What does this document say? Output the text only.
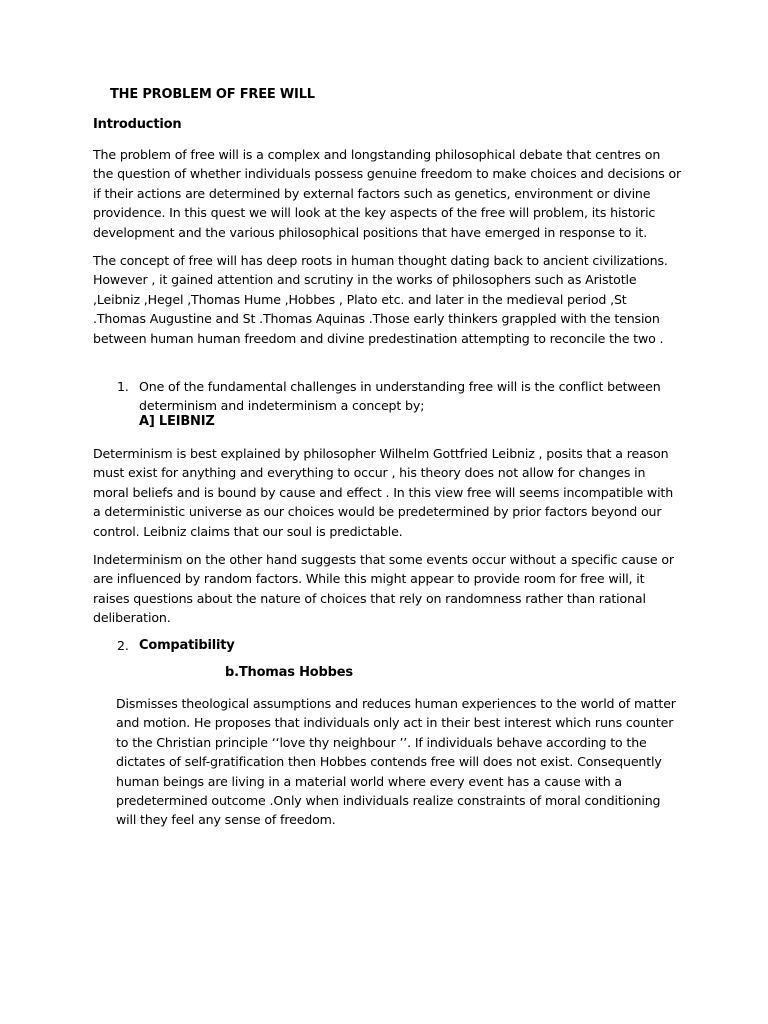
THE PROBLEM OF FREE WILL
Introduction

The problem of free will is a complex and longstanding philosophical debate that centres on the question of whether individuals possess genuine freedom to make choices and decisions or if their actions are determined by external factors such as genetics, environment or divine providence. In this quest we will look at the key aspects of the free will problem, its historic development and the various philosophical positions that have emerged in response to it.

The concept of free will has deep roots in human thought dating back to ancient civilizations. However , it gained attention and scrutiny in the works of philosophers such as Aristotle ,Leibniz ,Hegel ,Thomas Hume ,Hobbes , Plato etc. and later in the medieval period ,St .Thomas Augustine and St .Thomas Aquinas .Those early thinkers grappled with the tension between human human freedom and divine predestination attempting to reconcile the two .

1. One of the fundamental challenges in understanding free will is the conflict between determinism and indeterminism a concept by;
A] LEIBNIZ

Determinism is best explained by philosopher Wilhelm Gottfried Leibniz , posits that a reason must exist for anything and everything to occur , his theory does not allow for changes in moral beliefs and is bound by cause and effect . In this view free will seems incompatible with a deterministic universe as our choices would be predetermined by prior factors beyond our control. Leibniz claims that our soul is predictable.

Indeterminism on the other hand suggests that some events occur without a specific cause or are influenced by random factors. While this might appear to provide room for free will, it raises questions about the nature of choices that rely on randomness rather than rational deliberation.

2. Compatibility
b.Thomas Hobbes

Dismisses theological assumptions and reduces human experiences to the world of matter and motion. He proposes that individuals only act in their best interest which runs counter to the Christian principle ‘‘love thy neighbour ’’. If individuals behave according to the dictates of self-gratification then Hobbes contends free will does not exist. Consequently human beings are living in a material world where every event has a cause with a predetermined outcome .Only when individuals realize constraints of moral conditioning will they feel any sense of freedom.
